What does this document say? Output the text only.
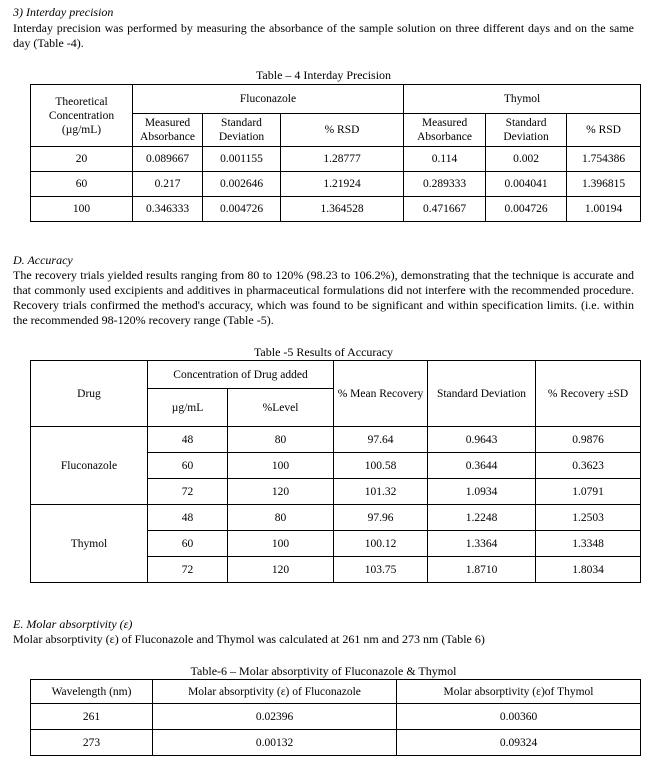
3) Interday precision
Interday precision was performed by measuring the absorbance of the sample solution on three different days and on the same day (Table -4).
Table – 4 Interday Precision
Theoretical Concentration (µg/mL)	Fluconazole			Thymol		
	Measured Absorbance	Standard Deviation	% RSD	Measured Absorbance	Standard Deviation	% RSD
20	0.089667	0.001155	1.28777	0.114	0.002	1.754386
60	0.217	0.002646	1.21924	0.289333	0.004041	1.396815
100	0.346333	0.004726	1.364528	0.471667	0.004726	1.00194
D. Accuracy
The recovery trials yielded results ranging from 80 to 120% (98.23 to 106.2%), demonstrating that the technique is accurate and that commonly used excipients and additives in pharmaceutical formulations did not interfere with the recommended procedure. Recovery trials confirmed the method's accuracy, which was found to be significant and within specification limits. (i.e. within the recommended 98-120% recovery range (Table -5).
Table -5 Results of Accuracy
Drug	Concentration of Drug added		% Mean Recovery	Standard Deviation	% Recovery ±SD
	µg/mL	%Level			
Fluconazole	48	80	97.64	0.9643	0.9876
	60	100	100.58	0.3644	0.3623
	72	120	101.32	1.0934	1.0791
Thymol	48	80	97.96	1.2248	1.2503
	60	100	100.12	1.3364	1.3348
	72	120	103.75	1.8710	1.8034
E. Molar absorptivity (ε)
Molar absorptivity (ε) of Fluconazole and Thymol was calculated at 261 nm and 273 nm (Table 6)
Table-6 – Molar absorptivity of Fluconazole & Thymol
Wavelength (nm)	Molar absorptivity (ε) of Fluconazole	Molar absorptivity (ε)of Thymol
261	0.02396	0.00360
273	0.00132	0.09324
